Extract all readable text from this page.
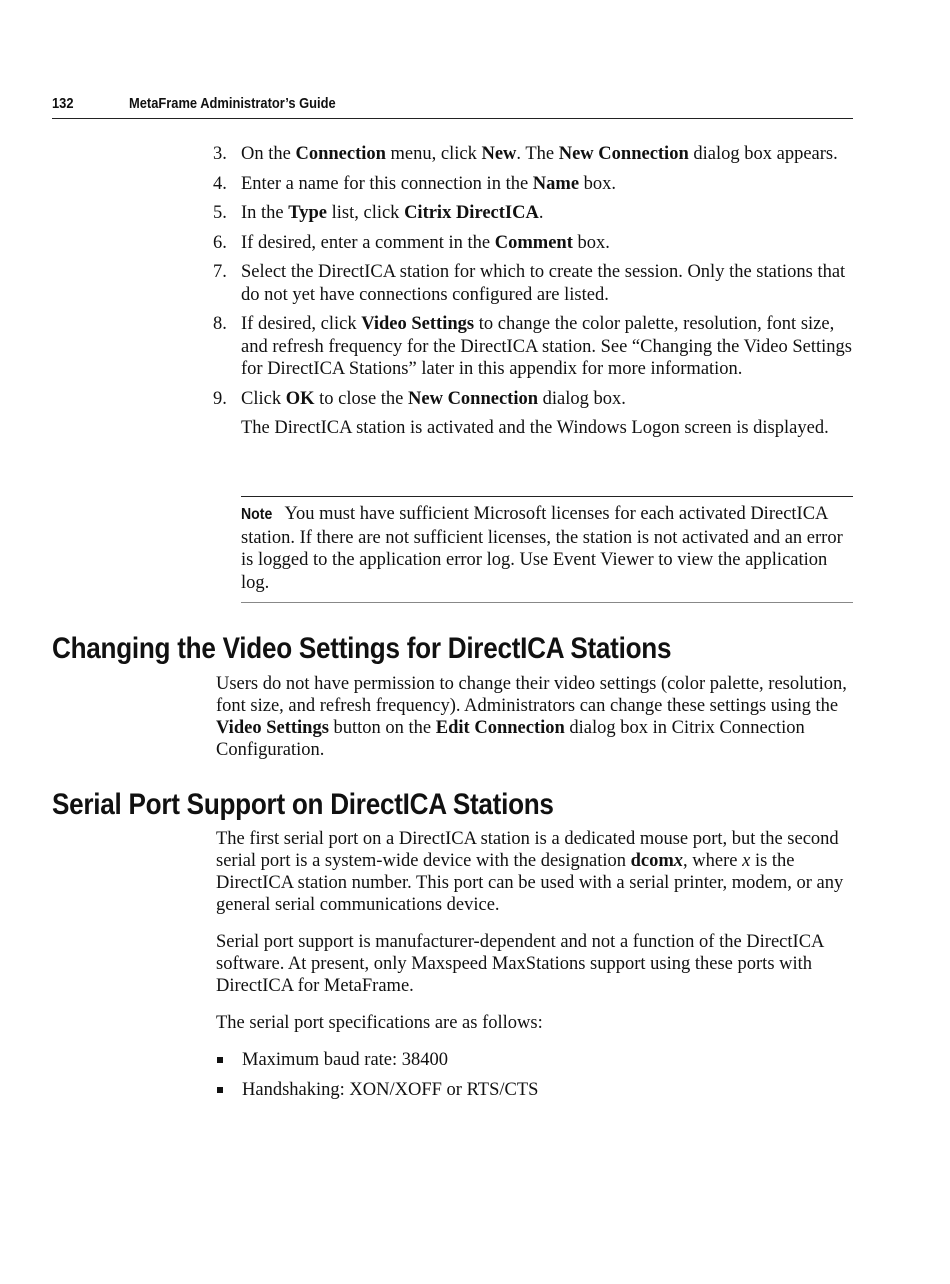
132	MetaFrame Administrator’s Guide
3. On the Connection menu, click New. The New Connection dialog box appears.
4. Enter a name for this connection in the Name box.
5. In the Type list, click Citrix DirectICA.
6. If desired, enter a comment in the Comment box.
7. Select the DirectICA station for which to create the session. Only the stations that do not yet have connections configured are listed.
8. If desired, click Video Settings to change the color palette, resolution, font size, and refresh frequency for the DirectICA station. See “Changing the Video Settings for DirectICA Stations” later in this appendix for more information.
9. Click OK to close the New Connection dialog box.
The DirectICA station is activated and the Windows Logon screen is displayed.
Note You must have sufficient Microsoft licenses for each activated DirectICA station. If there are not sufficient licenses, the station is not activated and an error is logged to the application error log. Use Event Viewer to view the application log.
Changing the Video Settings for DirectICA Stations

Users do not have permission to change their video settings (color palette, resolution, font size, and refresh frequency). Administrators can change these settings using the Video Settings button on the Edit Connection dialog box in Citrix Connection Configuration.

Serial Port Support on DirectICA Stations

The first serial port on a DirectICA station is a dedicated mouse port, but the second serial port is a system-wide device with the designation dcomx, where x is the DirectICA station number. This port can be used with a serial printer, modem, or any general serial communications device.

Serial port support is manufacturer-dependent and not a function of the DirectICA software. At present, only Maxspeed MaxStations support using these ports with DirectICA for MetaFrame.

The serial port specifications are as follows:

Maximum baud rate: 38400
Handshaking: XON/XOFF or RTS/CTS
